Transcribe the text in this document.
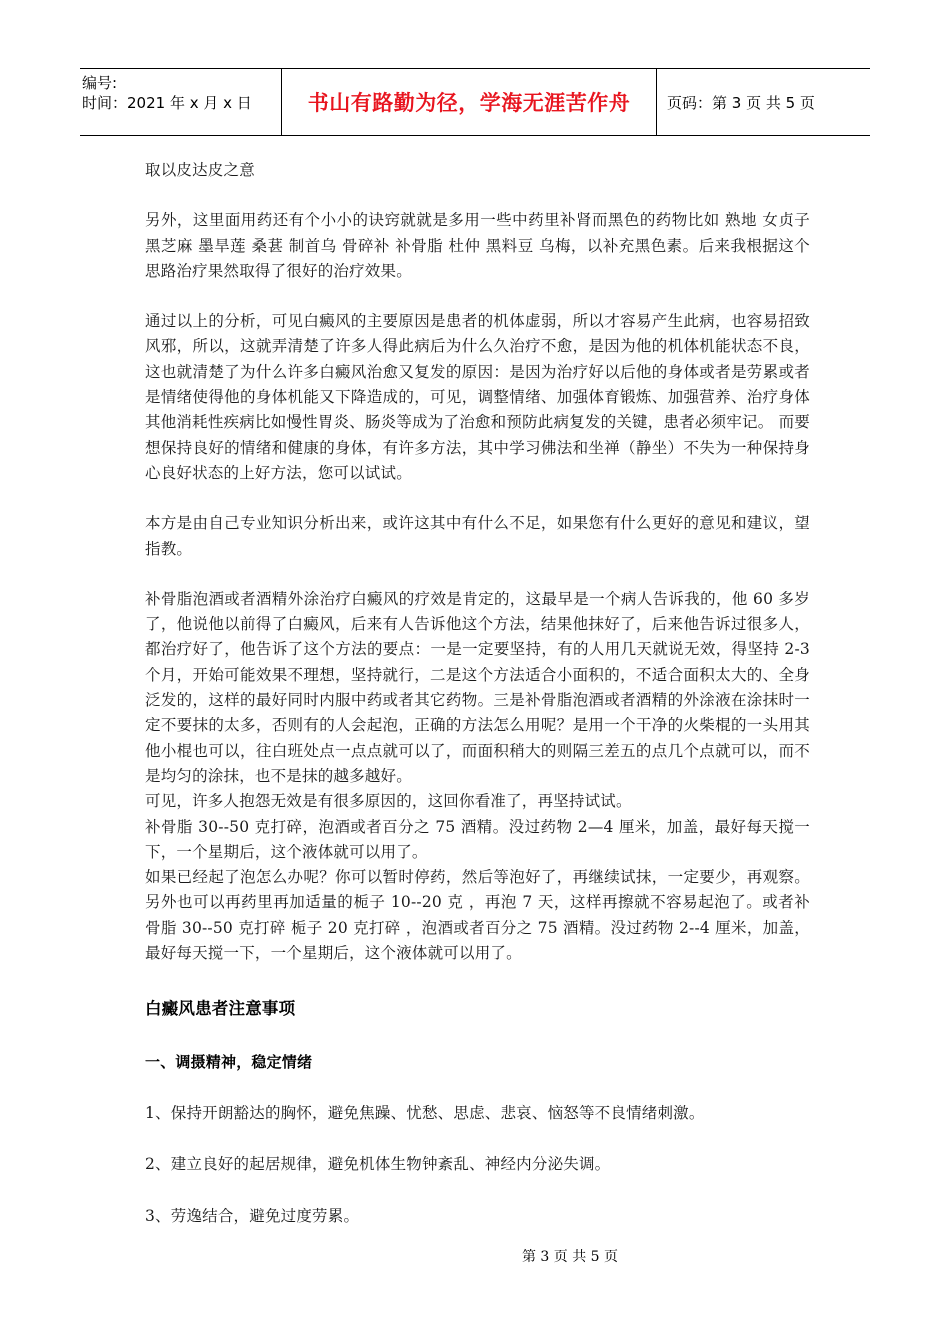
编号:
时间：2021 年 x 月 x 日	书山有路勤为径，学海无涯苦作舟	页码：第 3 页 共 5 页

取以皮达皮之意

另外，这里面用药还有个小小的诀窍就就是多用一些中药里补肾而黑色的药物比如 熟地 女贞子 黑芝麻 墨旱莲 桑葚 制首乌 骨碎补 补骨脂 杜仲 黑料豆 乌梅，以补充黑色素。后来我根据这个思路治疗果然取得了很好的治疗效果。

通过以上的分析，可见白癜风的主要原因是患者的机体虚弱，所以才容易产生此病，也容易招致风邪，所以，这就弄清楚了许多人得此病后为什么久治疗不愈，是因为他的机体机能状态不良，这也就清楚了为什么许多白癜风治愈又复发的原因：是因为治疗好以后他的身体或者是劳累或者是情绪使得他的身体机能又下降造成的，可见，调整情绪、加强体育锻炼、加强营养、治疗身体其他消耗性疾病比如慢性胃炎、肠炎等成为了治愈和预防此病复发的关键，患者必须牢记。 而要想保持良好的情绪和健康的身体，有许多方法，其中学习佛法和坐禅（静坐）不失为一种保持身心良好状态的上好方法，您可以试试。

本方是由自己专业知识分析出来，或许这其中有什么不足，如果您有什么更好的意见和建议，望指教。

补骨脂泡酒或者酒精外涂治疗白癜风的疗效是肯定的，这最早是一个病人告诉我的，他 60 多岁了，他说他以前得了白癜风，后来有人告诉他这个方法，结果他抹好了，后来他告诉过很多人，都治疗好了，他告诉了这个方法的要点：一是一定要坚持，有的人用几天就说无效，得坚持 2-3 个月，开始可能效果不理想，坚持就行，二是这个方法适合小面积的，不适合面积太大的、全身泛发的，这样的最好同时内服中药或者其它药物。三是补骨脂泡酒或者酒精的外涂液在涂抹时一定不要抹的太多，否则有的人会起泡，正确的方法怎么用呢？是用一个干净的火柴棍的一头用其他小棍也可以，往白班处点一点点就可以了，而面积稍大的则隔三差五的点几个点就可以，而不是均匀的涂抹，也不是抹的越多越好。

可见，许多人抱怨无效是有很多原因的，这回你看准了，再坚持试试。

补骨脂 30--50 克打碎，泡酒或者百分之 75 酒精。没过药物 2—4 厘米，加盖，最好每天搅一下，一个星期后，这个液体就可以用了。

如果已经起了泡怎么办呢？你可以暂时停药，然后等泡好了，再继续试抹，一定要少，再观察。另外也可以再药里再加适量的栀子 10--20 克 ，再泡 7 天，这样再擦就不容易起泡了。或者补骨脂 30--50 克打碎 栀子 20 克打碎 ，泡酒或者百分之 75 酒精。没过药物 2--4 厘米，加盖，最好每天搅一下，一个星期后，这个液体就可以用了。

白癜风患者注意事项

一、调摄精神，稳定情绪

1、保持开朗豁达的胸怀，避免焦躁、忧愁、思虑、悲哀、恼怒等不良情绪刺激。

2、建立良好的起居规律，避免机体生物钟紊乱、神经内分泌失调。

3、劳逸结合，避免过度劳累。

第 3 页 共 5 页
